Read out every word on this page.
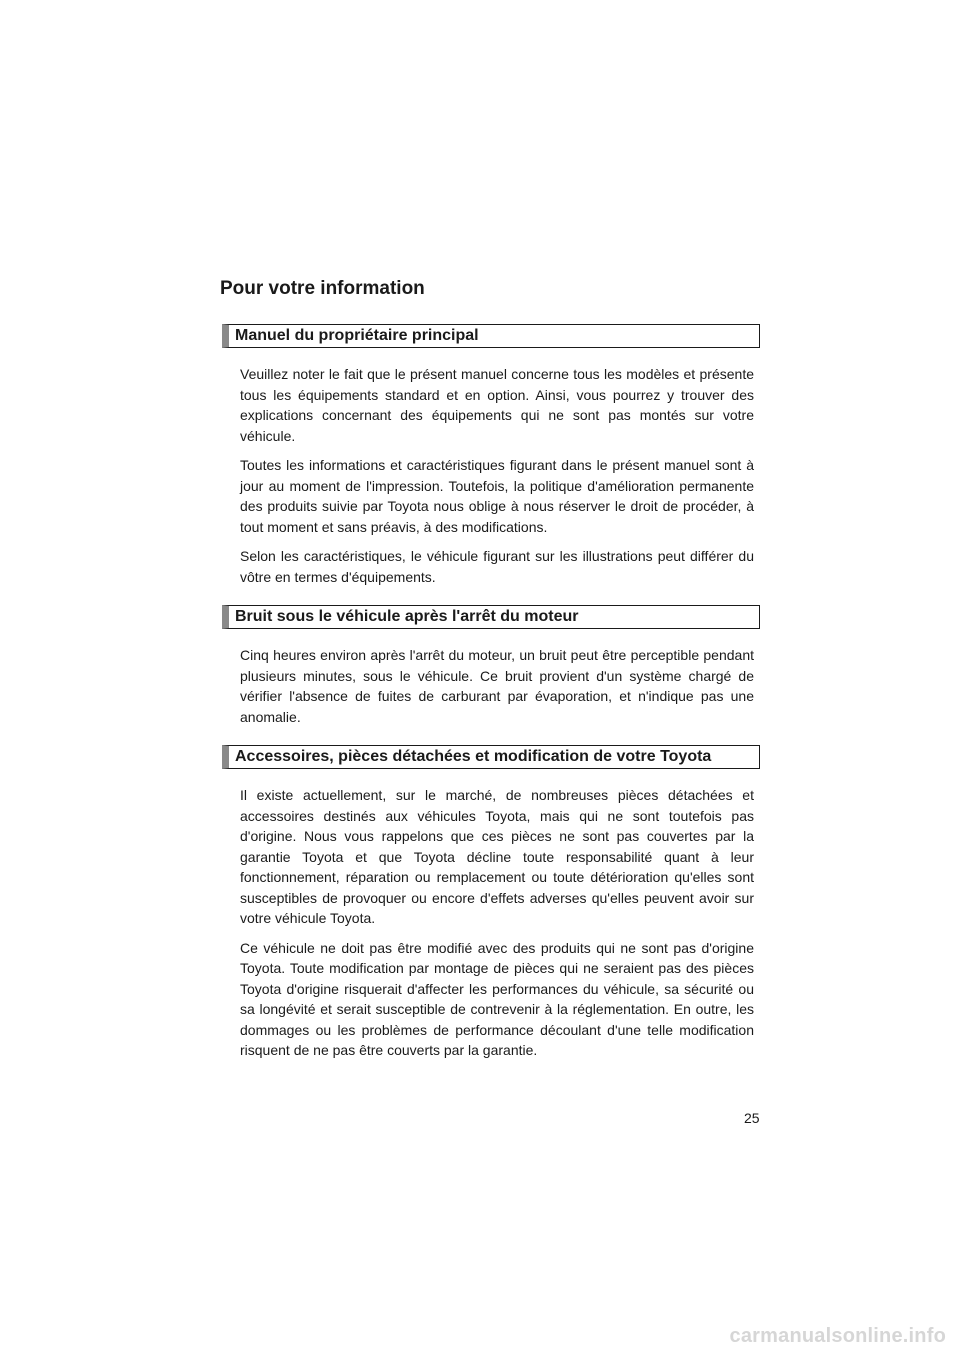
Pour votre information
Manuel du propriétaire principal

Veuillez noter le fait que le présent manuel concerne tous les modèles et présente tous les équipements standard et en option. Ainsi, vous pourrez y trouver des explications concernant des équipements qui ne sont pas montés sur votre véhicule.

Toutes les informations et caractéristiques figurant dans le présent manuel sont à jour au moment de l'impression. Toutefois, la politique d'amélioration permanente des produits suivie par Toyota nous oblige à nous réserver le droit de procéder, à tout moment et sans préavis, à des modifications.

Selon les caractéristiques, le véhicule figurant sur les illustrations peut différer du vôtre en termes d'équipements.

Bruit sous le véhicule après l'arrêt du moteur

Cinq heures environ après l'arrêt du moteur, un bruit peut être perceptible pendant plusieurs minutes, sous le véhicule. Ce bruit provient d'un système chargé de vérifier l'absence de fuites de carburant par évaporation, et n'indique pas une anomalie.

Accessoires, pièces détachées et modification de votre Toyota

Il existe actuellement, sur le marché, de nombreuses pièces détachées et accessoires destinés aux véhicules Toyota, mais qui ne sont toutefois pas d'origine. Nous vous rappelons que ces pièces ne sont pas couvertes par la garantie Toyota et que Toyota décline toute responsabilité quant à leur fonctionnement, réparation ou remplacement ou toute détérioration qu'elles sont susceptibles de provoquer ou encore d'effets adverses qu'elles peuvent avoir sur votre véhicule Toyota.

Ce véhicule ne doit pas être modifié avec des produits qui ne sont pas d'origine Toyota. Toute modification par montage de pièces qui ne seraient pas des pièces Toyota d'origine risquerait d'affecter les performances du véhicule, sa sécurité ou sa longévité et serait susceptible de contrevenir à la réglementation. En outre, les dommages ou les problèmes de performance découlant d'une telle modification risquent de ne pas être couverts par la garantie.

25
carmanualsonline.info
